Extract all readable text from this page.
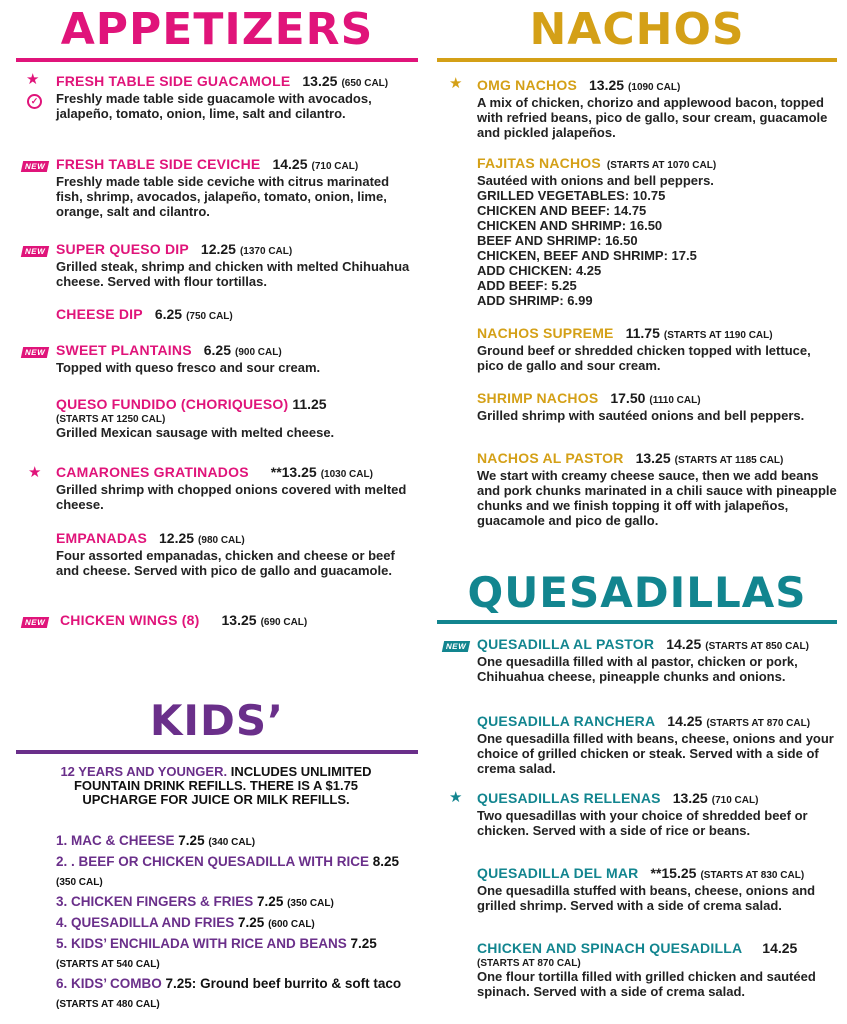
APPETIZERS
★
✓
FRESH TABLE SIDE GUACAMOLE 13.25 (650 CAL)
Freshly made table side guacamole with avocados, jalapeño, tomato, onion, lime, salt and cilantro.
NEW FRESH TABLE SIDE CEVICHE 14.25 (710 CAL)
Freshly made table side ceviche with citrus marinated fish, shrimp, avocados, jalapeño, tomato, onion, lime, orange, salt and cilantro.
NEW SUPER QUESO DIP 12.25 (1370 CAL)
Grilled steak, shrimp and chicken with melted Chihuahua cheese. Served with flour tortillas.
CHEESE DIP 6.25 (750 CAL)
NEW SWEET PLANTAINS 6.25 (900 CAL)
Topped with queso fresco and sour cream.
QUESO FUNDIDO (CHORIQUESO) 11.25
(STARTS AT 1250 CAL)
Grilled Mexican sausage with melted cheese.
★	CAMARONES GRATINADOS **13.25 (1030 CAL)
Grilled shrimp with chopped onions covered with melted cheese.
EMPANADAS 12.25 (980 CAL)
Four assorted empanadas, chicken and cheese or beef and cheese. Served with pico de gallo and guacamole.
NEW CHICKEN WINGS (8) 13.25 (690 CAL)
KIDS’
12 YEARS AND YOUNGER. INCLUDES UNLIMITED FOUNTAIN DRINK REFILLS. THERE IS A $1.75 UPCHARGE FOR JUICE OR MILK REFILLS.
1. MAC & CHEESE 7.25 (340 CAL)
2. . BEEF OR CHICKEN QUESADILLA WITH RICE 8.25 (350 CAL)
3. CHICKEN FINGERS & FRIES 7.25 (350 CAL)
4. QUESADILLA AND FRIES 7.25 (600 CAL)
5. KIDS’ ENCHILADA WITH RICE AND BEANS 7.25
(STARTS AT 540 CAL)
6. KIDS’ COMBO 7.25: Ground beef burrito & soft taco (STARTS AT 480 CAL)
NACHOS
★	OMG NACHOS 13.25 (1090 CAL)
A mix of chicken, chorizo and applewood bacon, topped with refried beans, pico de gallo, sour cream, guacamole and pickled jalapeños.
FAJITAS NACHOS (STARTS AT 1070 CAL)
Sautéed with onions and bell peppers.
GRILLED VEGETABLES: 10.75
CHICKEN AND BEEF: 14.75
CHICKEN AND SHRIMP: 16.50
BEEF AND SHRIMP: 16.50
CHICKEN, BEEF AND SHRIMP: 17.5
ADD CHICKEN: 4.25
ADD BEEF: 5.25
ADD SHRIMP: 6.99
NACHOS SUPREME 11.75 (STARTS AT 1190 CAL)
Ground beef or shredded chicken topped with lettuce, pico de gallo and sour cream.
SHRIMP NACHOS 17.50 (1110 CAL)
Grilled shrimp with sautéed onions and bell peppers.
NACHOS AL PASTOR 13.25 (STARTS AT 1185 CAL)
We start with creamy cheese sauce, then we add beans and pork chunks marinated in a chili sauce with pineapple chunks and we finish topping it off with jalapeños, guacamole and pico de gallo.
QUESADILLAS
NEW QUESADILLA AL PASTOR 14.25 (STARTS AT 850 CAL)
One quesadilla filled with al pastor, chicken or pork, Chihuahua cheese, pineapple chunks and onions.
QUESADILLA RANCHERA 14.25 (STARTS AT 870 CAL)
One quesadilla filled with beans, cheese, onions and your choice of grilled chicken or steak. Served with a side of crema salad.
★	QUESADILLAS RELLENAS 13.25 (710 CAL)
Two quesadillas with your choice of shredded beef or chicken. Served with a side of rice or beans.
QUESADILLA DEL MAR **15.25 (STARTS AT 830 CAL)
One quesadilla stuffed with beans, cheese, onions and grilled shrimp. Served with a side of crema salad.
CHICKEN AND SPINACH QUESADILLA 14.25
(STARTS AT 870 CAL)
One flour tortilla filled with grilled chicken and sautéed spinach. Served with a side of crema salad.
